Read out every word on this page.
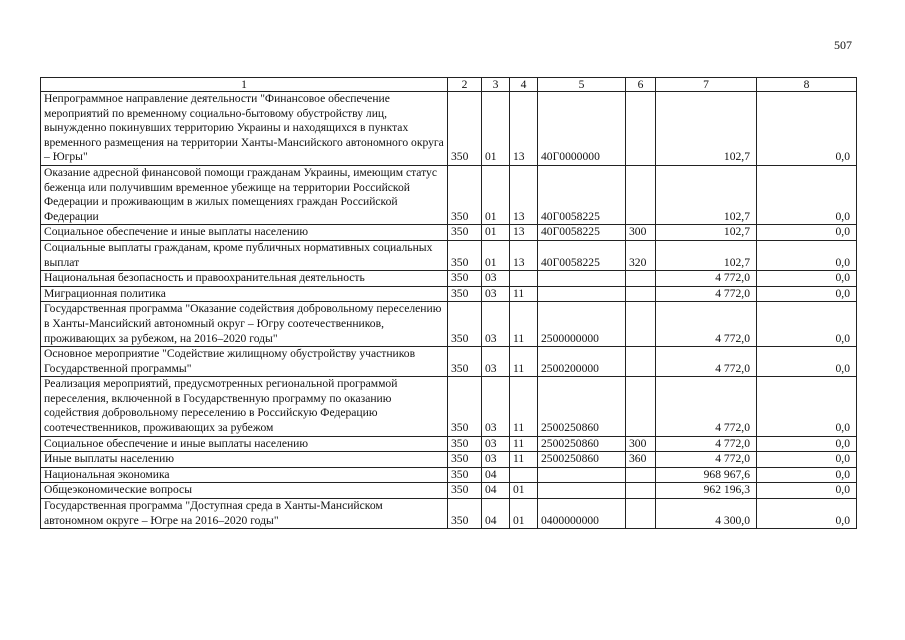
507
1	2	3	4	5	6	7	8
Непрограммное направление деятельности "Финансовое обеспечение мероприятий по временному социально-бытовому обустройству лиц, вынужденно покинувших территорию Украины и находящихся в пунктах временного размещения на территории Ханты-Мансийского автономного округа – Югры"	350	01	13	40Г0000000		102,7	0,0
Оказание адресной финансовой помощи гражданам Украины, имеющим статус беженца или получившим временное убежище на территории Российской Федерации и проживающим в жилых помещениях граждан Российской Федерации	350	01	13	40Г0058225		102,7	0,0
Социальное обеспечение и иные выплаты населению	350	01	13	40Г0058225	300	102,7	0,0
Социальные выплаты гражданам, кроме публичных нормативных социальных выплат	350	01	13	40Г0058225	320	102,7	0,0
Национальная безопасность и правоохранительная деятельность	350	03				4 772,0	0,0
Миграционная политика	350	03	11			4 772,0	0,0
Государственная программа "Оказание содействия добровольному переселению в Ханты-Мансийский автономный округ – Югру соотечественников, проживающих за рубежом, на 2016–2020 годы"	350	03	11	2500000000		4 772,0	0,0
Основное мероприятие "Содействие жилищному обустройству участников Государственной программы"	350	03	11	2500200000		4 772,0	0,0
Реализация мероприятий, предусмотренных региональной программой переселения, включенной в Государственную программу по оказанию содействия добровольному переселению в Российскую Федерацию соотечественников, проживающих за рубежом	350	03	11	2500250860		4 772,0	0,0
Социальное обеспечение и иные выплаты населению	350	03	11	2500250860	300	4 772,0	0,0
Иные выплаты населению	350	03	11	2500250860	360	4 772,0	0,0
Национальная экономика	350	04				968 967,6	0,0
Общеэкономические вопросы	350	04	01			962 196,3	0,0
Государственная программа "Доступная среда в Ханты-Мансийском автономном округе – Югре на 2016–2020 годы"	350	04	01	0400000000		4 300,0	0,0
